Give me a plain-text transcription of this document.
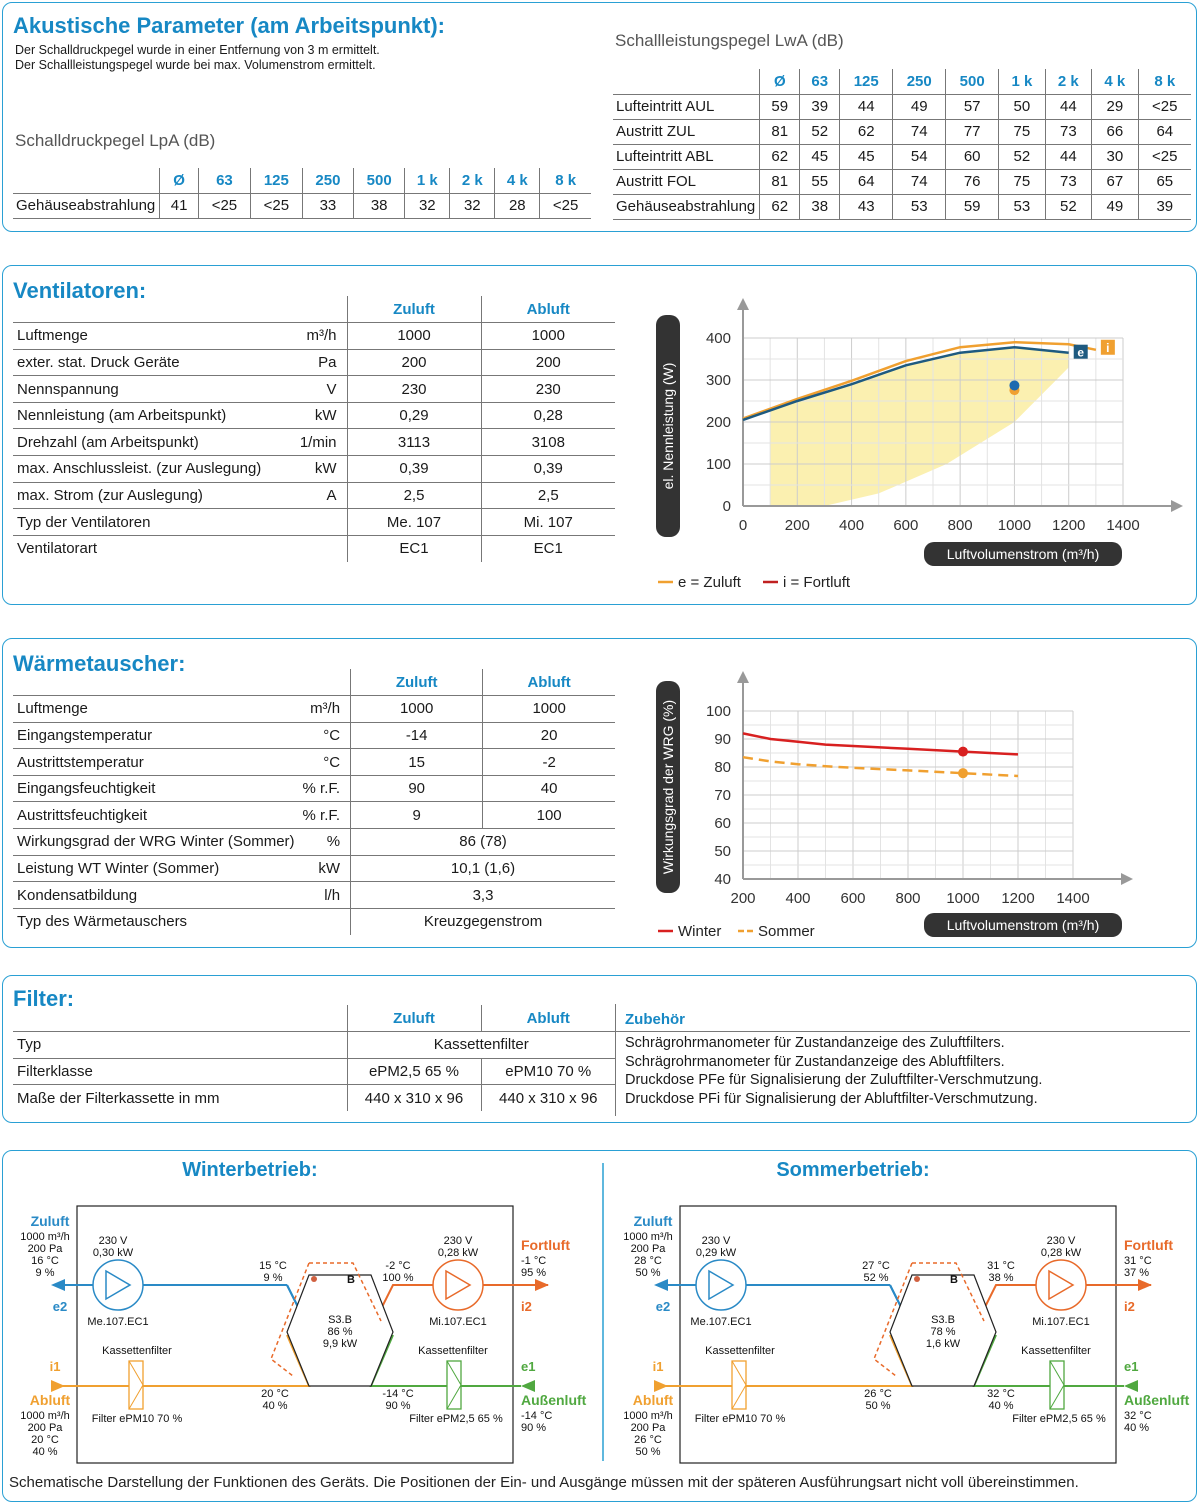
Akustische Parameter (am Arbeitspunkt):
Der Schalldruckpegel wurde in einer Entfernung von 3 m ermittelt.
Der Schallleistungspegel wurde bei max. Volumenstrom ermittelt.
Schalldruckpegel LpA (dB)
Schallleistungspegel LwA (dB)
	Ø	63	125	250	500	1 k	2 k	4 k	8 k
Gehäuseabstrahlung	41	<25	<25	33	38	32	32	28	<25
	Ø	63	125	250	500	1 k	2 k	4 k	8 k
Lufteintritt AUL	59	39	44	49	57	50	44	29	<25
Austritt ZUL	81	52	62	74	77	75	73	66	64
Lufteintritt ABL	62	45	45	54	60	52	44	30	<25
Austritt FOL	81	55	64	74	76	75	73	67	65
Gehäuseabstrahlung	62	38	43	53	59	53	52	49	39
Ventilatoren:
		Zuluft	Abluft
Luftmenge	m³/h	1000	1000
exter. stat. Druck Geräte	Pa	200	200
Nennspannung	V	230	230
Nennleistung (am Arbeitspunkt)	kW	0,29	0,28
Drehzahl (am Arbeitspunkt)	1/min	3113	3108
max. Anschlussleist. (zur Auslegung)	kW	0,39	0,39
max. Strom (zur Auslegung)	A	2,5	2,5
Typ der Ventilatoren		Me. 107	Mi. 107
Ventilatorart		EC1	EC1
0	200 400 600 800 1000 1200 1400
0
100
200
300
400
e i
el. Nennleistung (W)
Luftvolumenstrom (m³/h)
e = Zuluft	i = Fortluft
Wärmetauscher:
		Zuluft	Abluft
Luftmenge	m³/h	1000	1000
Eingangstemperatur	°C	-14	20
Austrittstemperatur	°C	15	-2
Eingangsfeuchtigkeit	% r.F.	90	40
Austrittsfeuchtigkeit	% r.F.	9	100
Wirkungsgrad der WRG Winter (Sommer)	%	86 (78)	
Leistung WT Winter (Sommer)	kW	10,1 (1,6)	
Kondensatbildung	l/h	3,3	
Typ des Wärmetauschers		Kreuzgegenstrom	
200 400 600 800 1000 1200 1400
40
50
60
70
80
90
100
Wirkungsgrad der WRG (%)
Luftvolumenstrom (m³/h)
Winter Sommer
Filter:
		Zuluft	Abluft
Typ		Kassettenfilter	
Filterklasse		ePM2,5 65 %	ePM10 70 %
Maße der Filterkassette in mm		440 x 310 x 96	440 x 310 x 96
Zubehör
Schrägrohrmanometer für Zustandanzeige des Zuluftfilters.
Schrägrohrmanometer für Zustandanzeige des Abluftfilters.
Druckdose PFe für Signalisierung der Zuluftfilter-Verschmutzung.
Druckdose PFi für Signalisierung der Abluftfilter-Verschmutzung.
Winterbetrieb:
B
S3.B
86 %
9,9 kW
230 V
0,30 kW
Me.107.EC1
230 V
0,28 kW
Mi.107.EC1
Kassettenfilter
Filter ePM10 70 %
Kassettenfilter
Filter ePM2,5 65 %
15 °C
9 %
-2 °C
100 %
20 °C
40 %
-14 °C
90 %
Zuluft
1000 m³/h
200 Pa
16 °C
9 %
e2
i1
Abluft
1000 m³/h
200 Pa
20 °C
40 %
Fortluft
-1 °C
95 %
i2
e1
Außenluft
-14 °C
90 %
Sommerbetrieb:
B
S3.B
78 %
1,6 kW
230 V
0,29 kW
Me.107.EC1
230 V
0,28 kW
Mi.107.EC1
Kassettenfilter
Filter ePM10 70 %
Kassettenfilter
Filter ePM2,5 65 %
27 °C
52 %
31 °C
38 %
26 °C
50 %
32 °C
40 %
Zuluft
1000 m³/h
200 Pa
28 °C
50 %
e2
i1
Abluft
1000 m³/h
200 Pa
26 °C
50 %
Fortluft
31 °C
37 %
i2
e1
Außenluft
32 °C
40 %
Schematische Darstellung der Funktionen des Geräts. Die Positionen der Ein- und Ausgänge müssen mit der späteren Ausführungsart nicht voll übereinstimmen.
